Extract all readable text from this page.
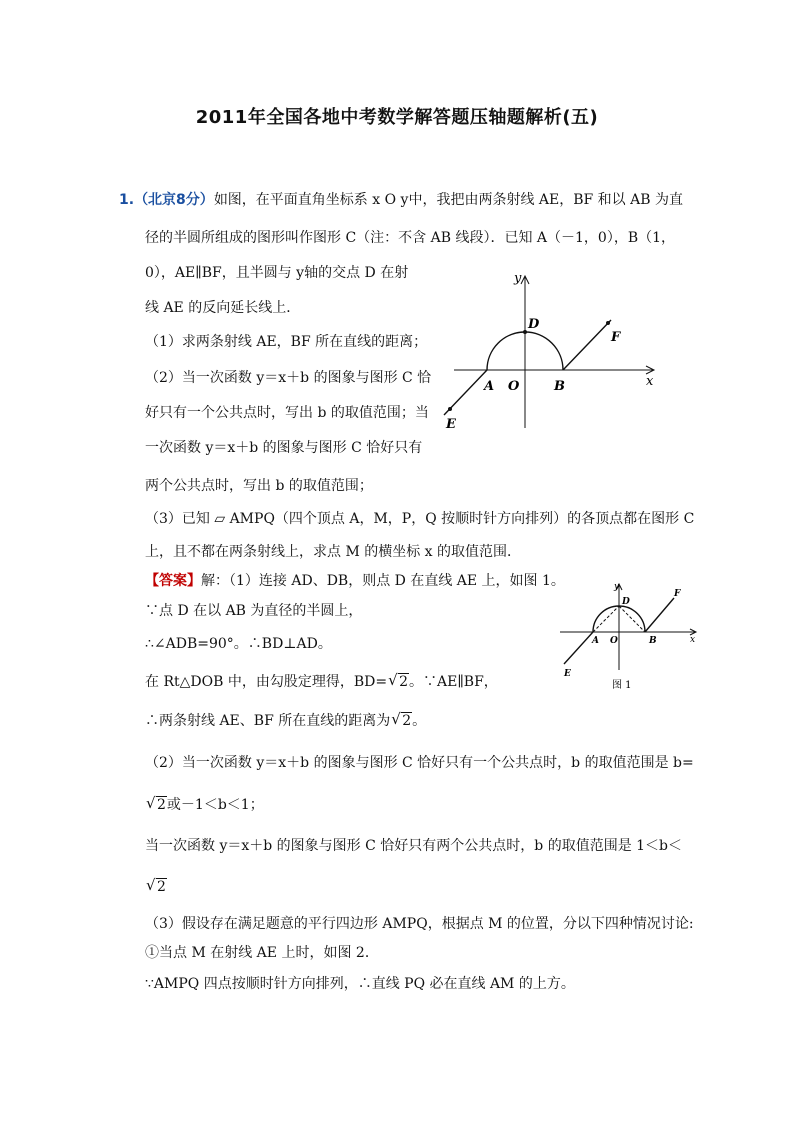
2011年全国各地中考数学解答题压轴题解析(五)
1.（北京8分）如图，在平面直角坐标系 x O y中，我把由两条射线 AE，BF 和以 AB 为直
径的半圆所组成的图形叫作图形 C（注：不含 AB 线段）．已知 A（－1，0），B（1，
0），AE∥BF，且半圆与 y轴的交点 D 在射
线 AE 的反向延长线上．
（1）求两条射线 AE，BF 所在直线的距离；
（2）当一次函数 y＝x＋b 的图象与图形 C 恰
好只有一个公共点时，写出 b 的取值范围；当
一次函数 y＝x＋b 的图象与图形 C 恰好只有
两个公共点时，写出 b 的取值范围；
（3）已知 ▱ AMPQ（四个顶点 A，M，P，Q 按顺时针方向排列）的各顶点都在图形 C
上，且不都在两条射线上，求点 M 的横坐标 x 的取值范围．
y
x
D
F
A O	B
E
【答案】解：（1）连接 AD、DB，则点 D 在直线 AE 上，如图 1。
∵点 D 在以 AB 为直径的半圆上，
∴∠ADB=90°。∴BD⊥AD。
在 Rt△DOB 中，由勾股定理得，BD= √ 2。∵AE∥BF，
∴两条射线 AE、BF 所在直线的距离为 √ 2。
（2）当一次函数 y＝x＋b 的图象与图形 C 恰好只有一个公共点时，b 的取值范围是 b=
√ 2或－1＜b＜1；
当一次函数 y＝x＋b 的图象与图形 C 恰好只有两个公共点时，b 的取值范围是 1＜b＜
√ 2
（3）假设存在满足题意的平行四边形 AMPQ，根据点 M 的位置，分以下四种情况讨论:
①当点 M 在射线 AE 上时，如图 2．
∵AMPQ 四点按顺时针方向排列，∴直线 PQ 必在直线 AM 的上方。
y
x
D
F
A O	B
E
图 1
